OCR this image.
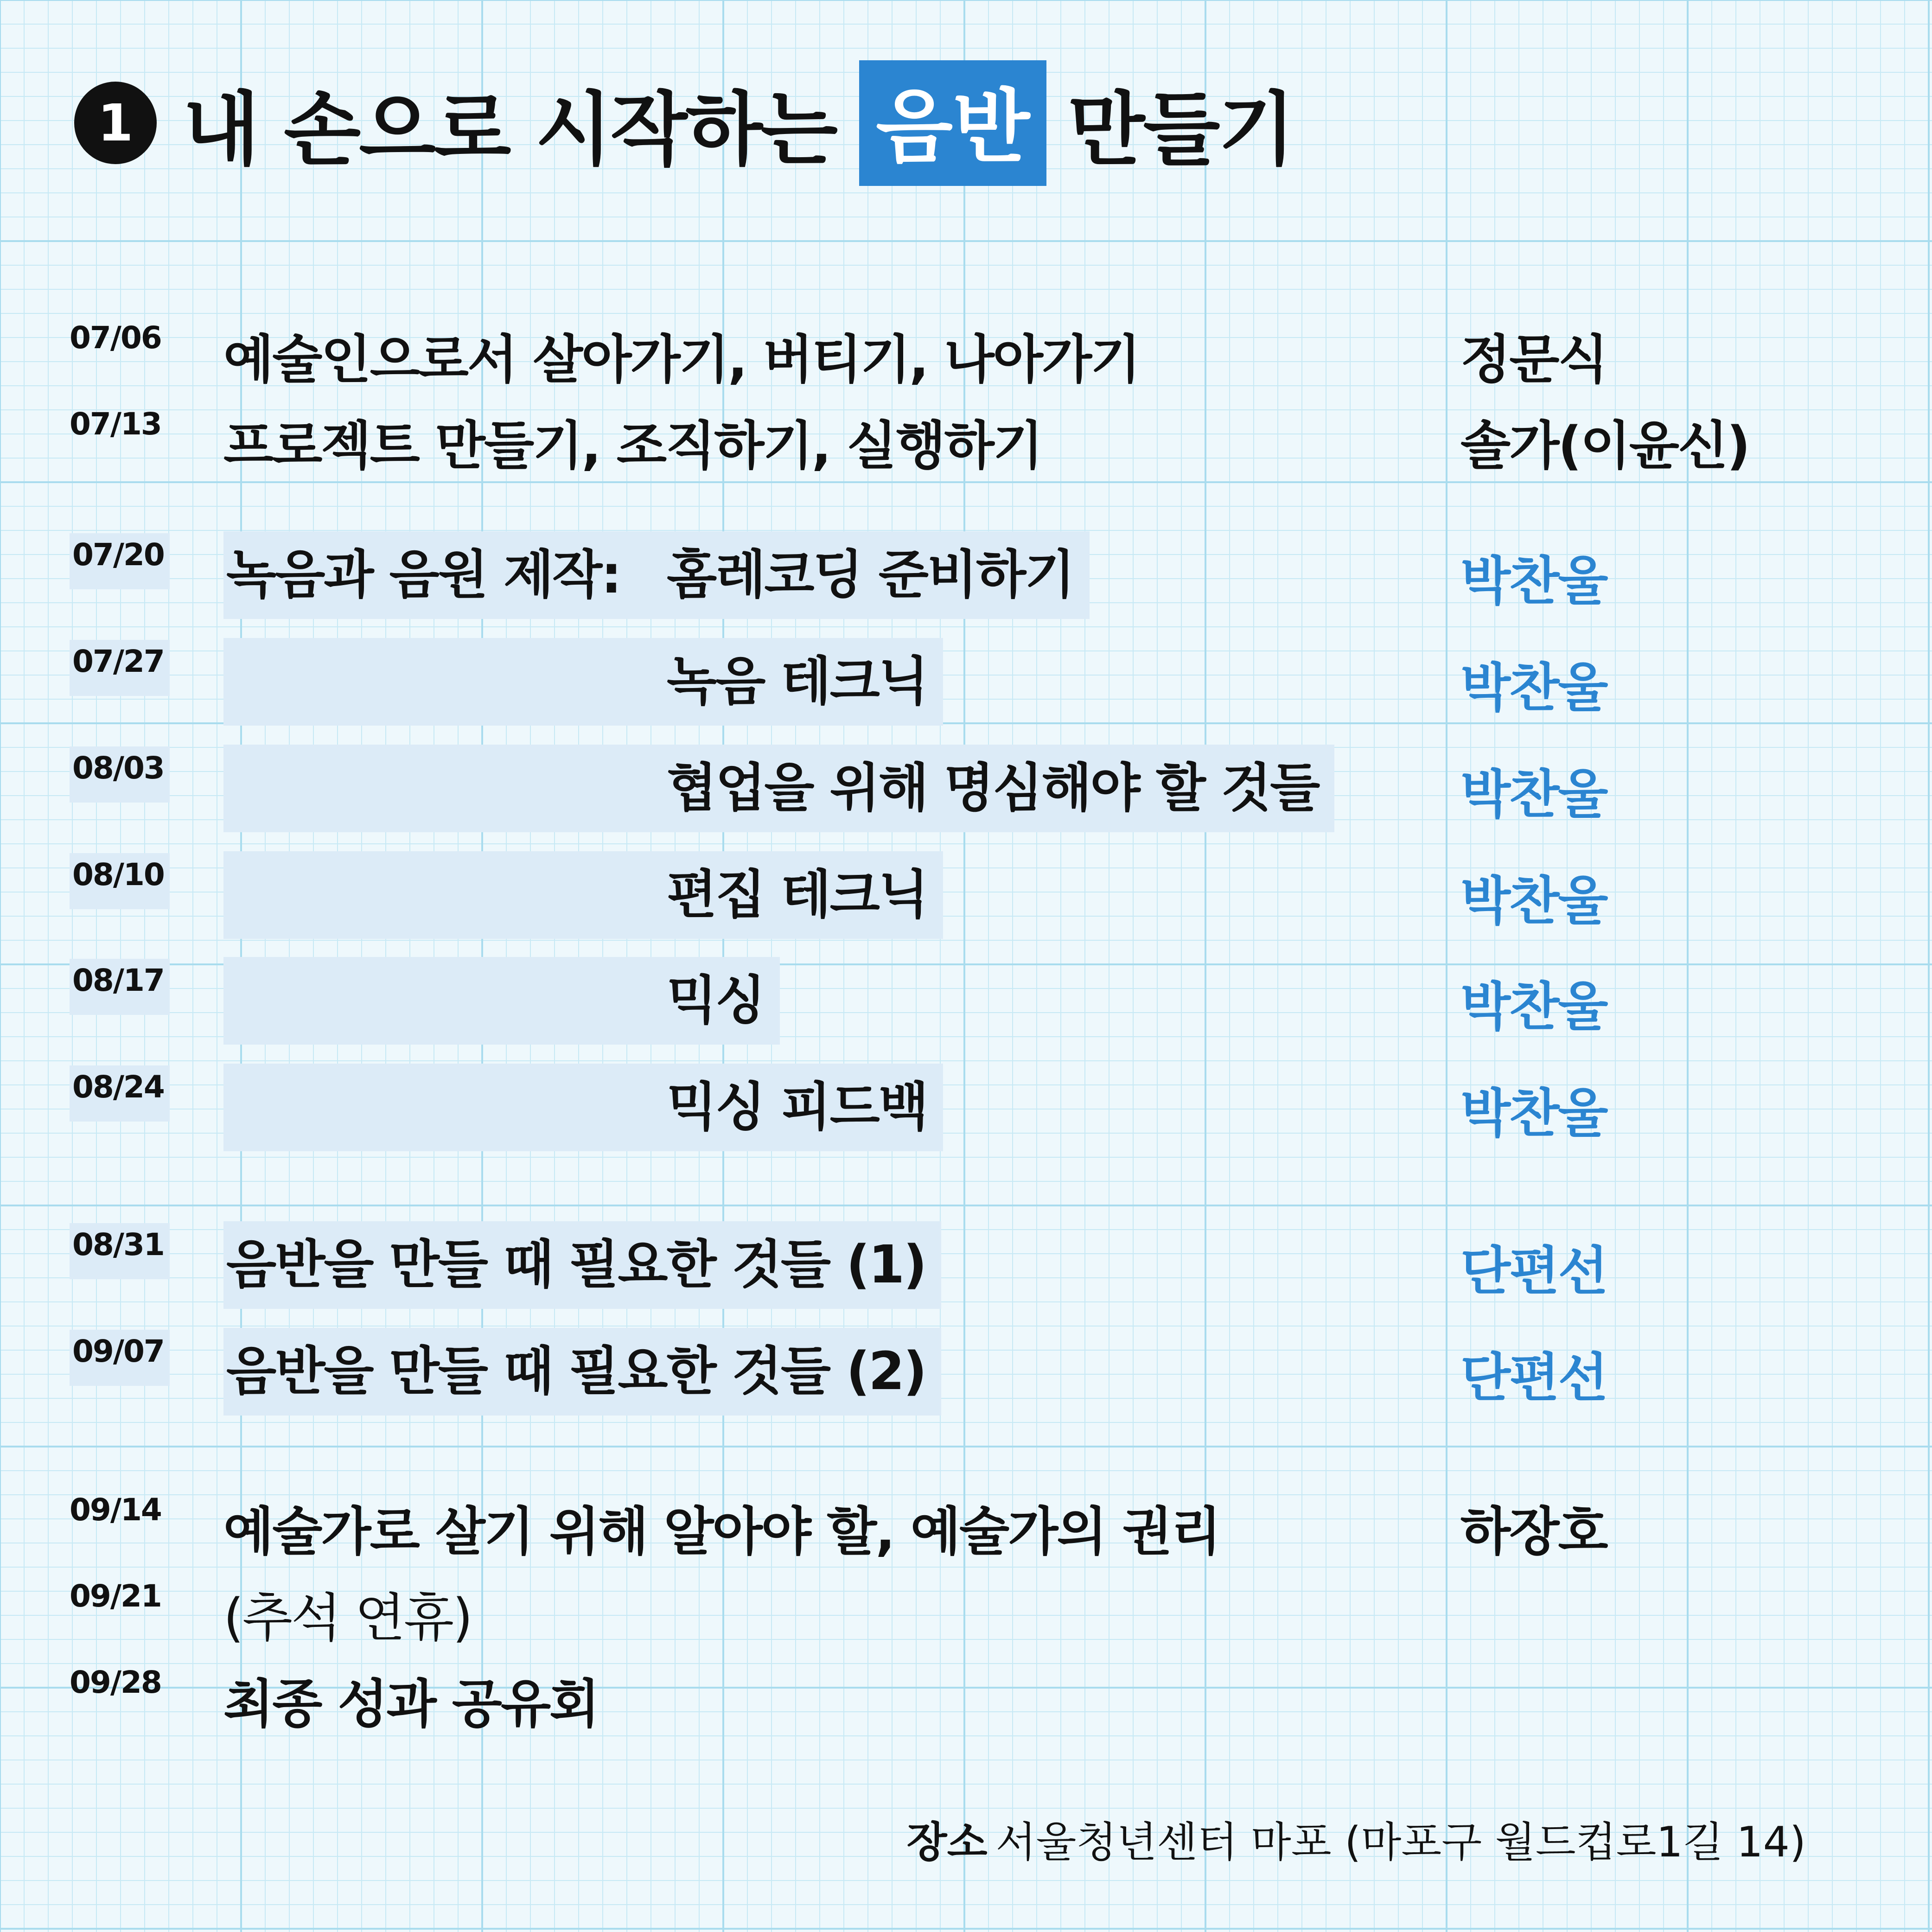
1 내 손으로 시작하는 음반 만들기
07/06 예술인으로서 살아가기, 버티기, 나아가기	정문식
07/13 프로젝트 만들기, 조직하기, 실행하기	솔가(이윤신)
07/20 녹음과 음원 제작: 홈레코딩 준비하기	박찬울
07/27	녹음 테크닉	박찬울
08/03	협업을 위해 명심해야 할 것들	박찬울
08/10	편집 테크닉	박찬울
08/17	믹싱	박찬울
08/24	믹싱 피드백	박찬울
08/31 음반을 만들 때 필요한 것들 (1)	단편선
09/07 음반을 만들 때 필요한 것들 (2)	단편선
09/14 예술가로 살기 위해 알아야 할, 예술가의 권리	하장호
09/21 (추석 연휴)
09/28 최종 성과 공유회
장소 서울청년센터 마포 (마포구 월드컵로1길 14)
